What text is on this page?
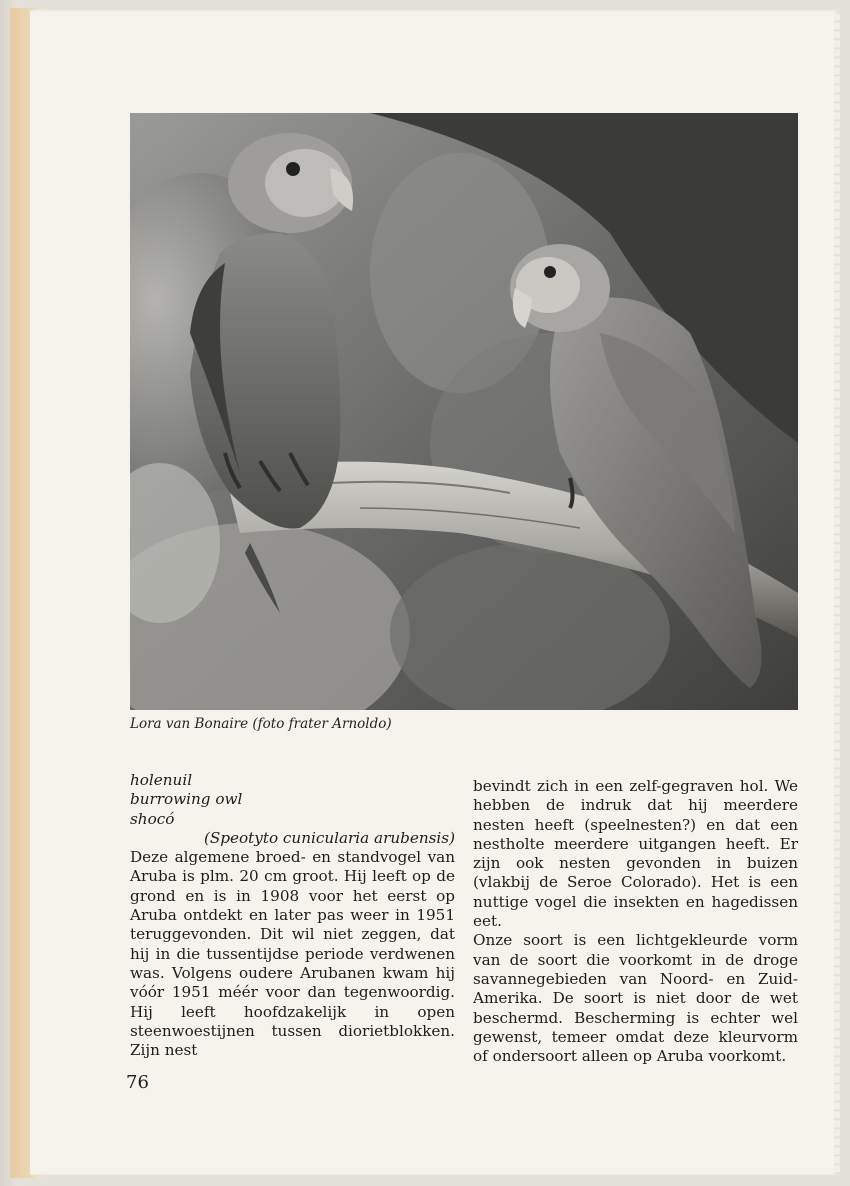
Lora van Bonaire (foto frater Arnoldo)
holenuil
burrowing owl
shocó
(Speotyto cunicularia arubensis)

Deze algemene broed- en standvogel van Aruba is plm. 20 cm groot. Hij leeft op de grond en is in 1908 voor het eerst op Aruba ontdekt en later pas weer in 1951 teruggevonden. Dit wil niet zeggen, dat hij in die tussentijdse periode verdwenen was. Volgens oudere Arubanen kwam hij vóór 1951 méér voor dan tegenwoordig. Hij leeft hoofdzakelijk in open steenwoestijnen tussen diorietblokken. Zijn nest

bevindt zich in een zelf-gegraven hol. We hebben de indruk dat hij meerdere nesten heeft (speelnesten?) en dat een nestholte meerdere uitgangen heeft. Er zijn ook nesten gevonden in buizen (vlakbij de Seroe Colorado). Het is een nuttige vogel die insekten en hagedissen eet.

Onze soort is een lichtgekleurde vorm van de soort die voorkomt in de droge savannegebieden van Noord- en Zuid-Amerika. De soort is niet door de wet beschermd. Bescherming is echter wel gewenst, temeer omdat deze kleurvorm of ondersoort alleen op Aruba voorkomt.

76
